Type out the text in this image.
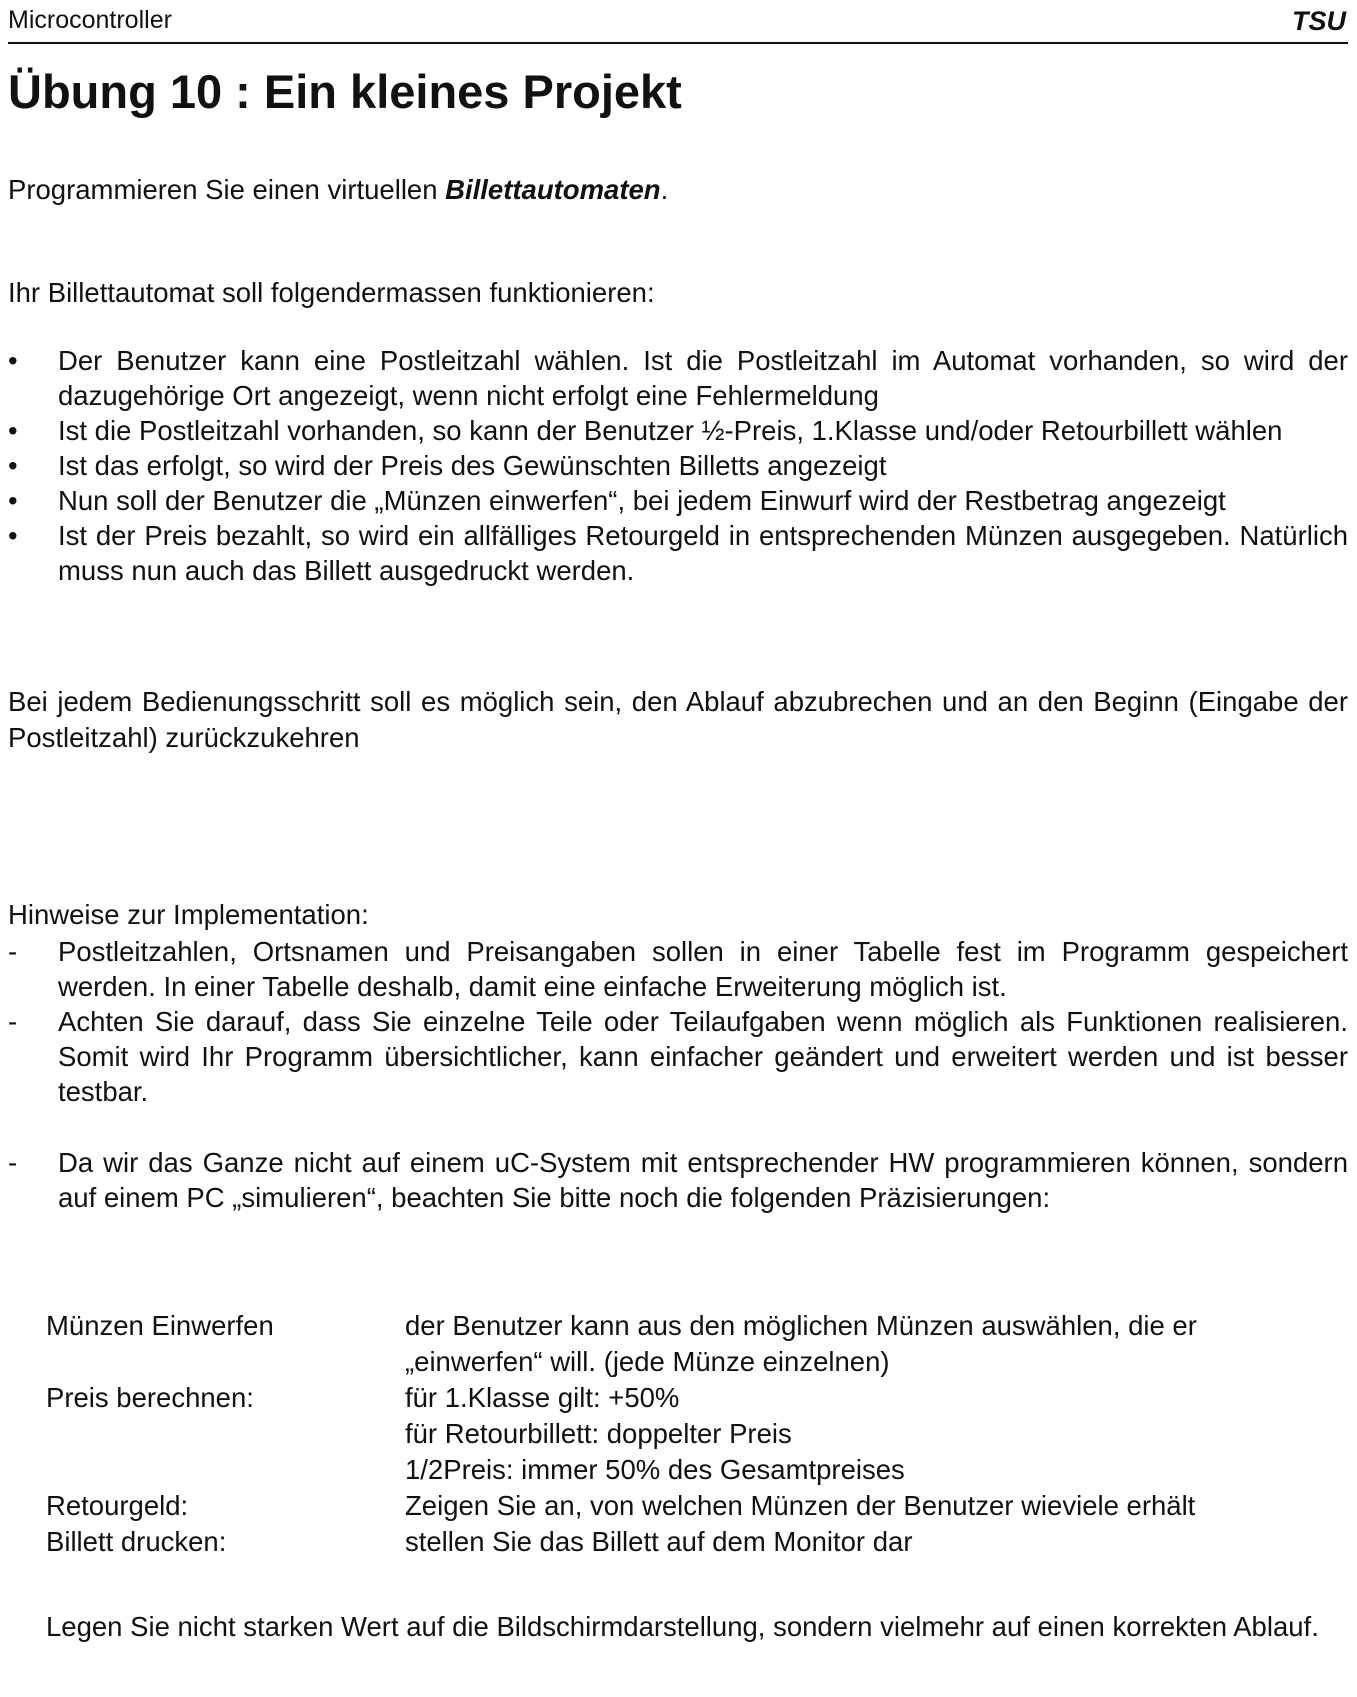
Microcontroller	TSU
Übung 10 : Ein kleines Projekt
Programmieren Sie einen virtuellen Billettautomaten.
Ihr Billettautomat soll folgendermassen funktionieren:
•	Der Benutzer kann eine Postleitzahl wählen. Ist die Postleitzahl im Automat vorhanden, so wird der dazugehörige Ort angezeigt, wenn nicht erfolgt eine Fehlermeldung
•	Ist die Postleitzahl vorhanden, so kann der Benutzer ½-Preis, 1.Klasse und/oder Retourbillett wählen
•	Ist das erfolgt, so wird der Preis des Gewünschten Billetts angezeigt
•	Nun soll der Benutzer die „Münzen einwerfen“, bei jedem Einwurf wird der Restbetrag angezeigt
•	Ist der Preis bezahlt, so wird ein allfälliges Retourgeld in entsprechenden Münzen ausgegeben. Natürlich muss nun auch das Billett ausgedruckt werden.
Bei jedem Bedienungsschritt soll es möglich sein, den Ablauf abzubrechen und an den Beginn (Eingabe der Postleitzahl) zurückzukehren
Hinweise zur Implementation:
-	Postleitzahlen, Ortsnamen und Preisangaben sollen in einer Tabelle fest im Programm gespeichert werden. In einer Tabelle deshalb, damit eine einfache Erweiterung möglich ist.
-	Achten Sie darauf, dass Sie einzelne Teile oder Teilaufgaben wenn möglich als Funktionen realisieren. Somit wird Ihr Programm übersichtlicher, kann einfacher geändert und erweitert werden und ist besser testbar.
-	Da wir das Ganze nicht auf einem uC-System mit entsprechender HW programmieren können, sondern auf einem PC „simulieren“, beachten Sie bitte noch die folgenden Präzisierungen:
Münzen Einwerfen	der Benutzer kann aus den möglichen Münzen auswählen, die er
„einwerfen“ will. (jede Münze einzelnen)
Preis berechnen:	für 1.Klasse gilt: +50%
für Retourbillett: doppelter Preis
1/2Preis: immer 50% des Gesamtpreises
Retourgeld:	Zeigen Sie an, von welchen Münzen der Benutzer wieviele erhält
Billett drucken:	stellen Sie das Billett auf dem Monitor dar
Legen Sie nicht starken Wert auf die Bildschirmdarstellung, sondern vielmehr auf einen korrekten Ablauf.
